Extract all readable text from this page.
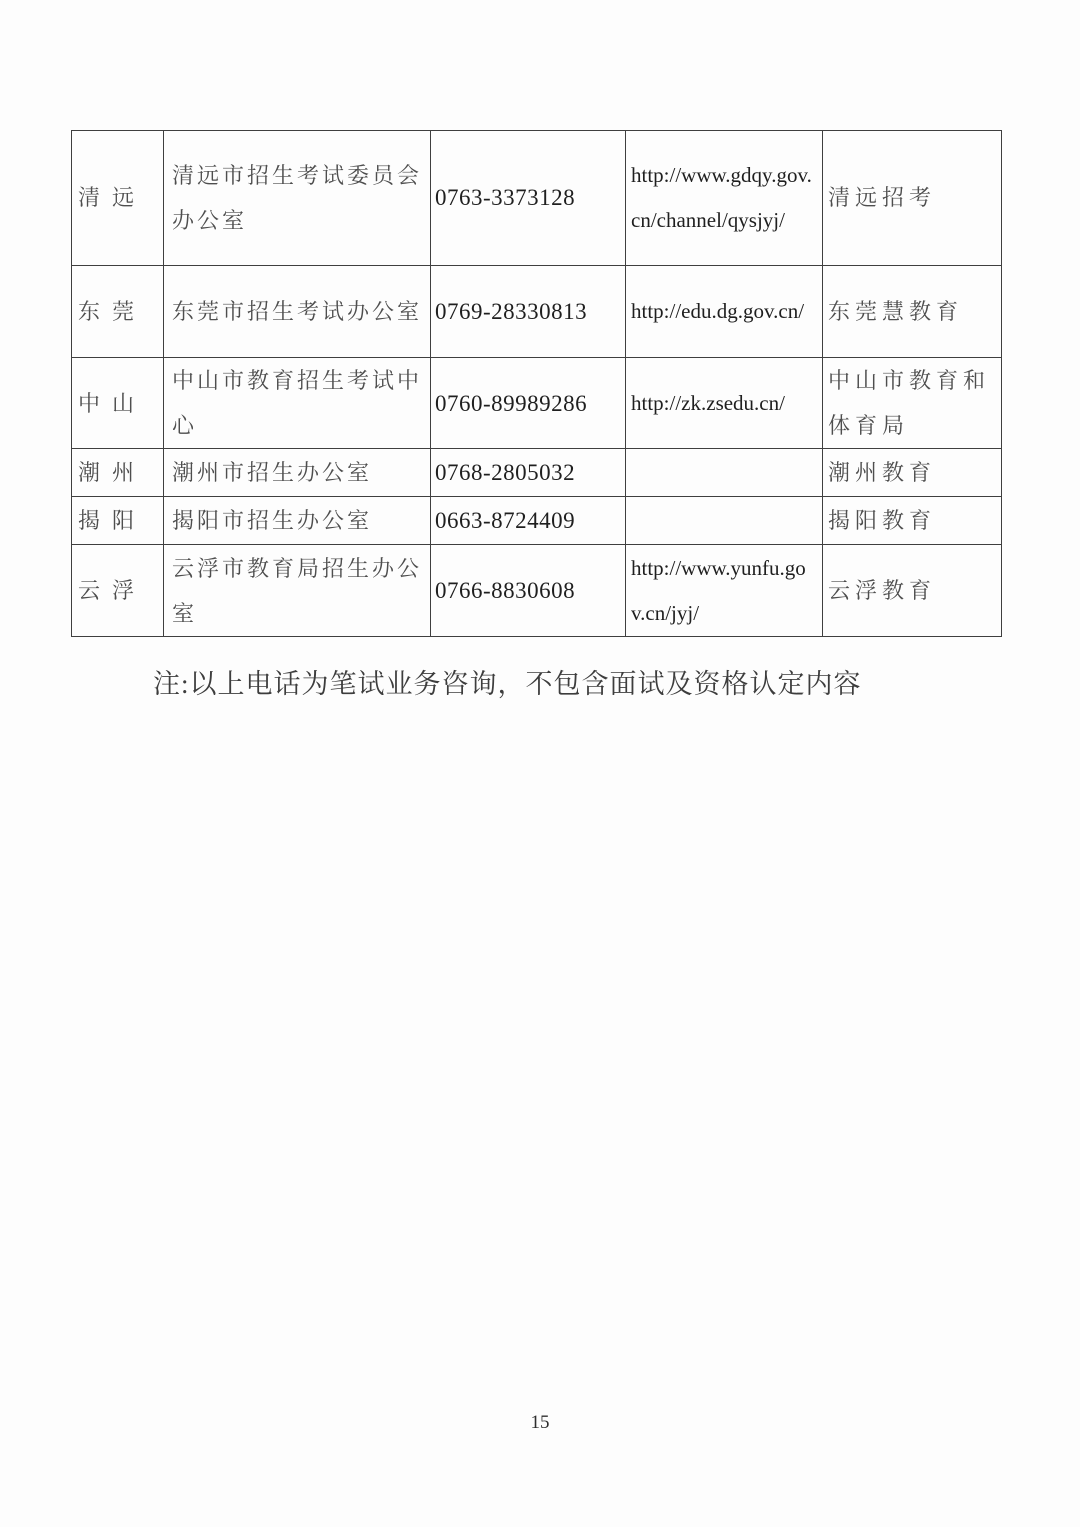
清远	清远市招生考试委员会办公室	0763-3373128	http://www.gdqy.gov.cn/channel/qysjyj/	清远招考
东莞	东莞市招生考试办公室	0769-28330813	http://edu.dg.gov.cn/	东莞慧教育
中山	中山市教育招生考试中心	0760-89989286	http://zk.zsedu.cn/	中山市教育和体育局
潮州	潮州市招生办公室	0768-2805032		潮州教育
揭阳	揭阳市招生办公室	0663-8724409		揭阳教育
云浮	云浮市教育局招生办公室	0766-8830608	http://www.yunfu.gov.cn/jyj/	云浮教育
注:以上电话为笔试业务咨询，不包含面试及资格认定内容
15
